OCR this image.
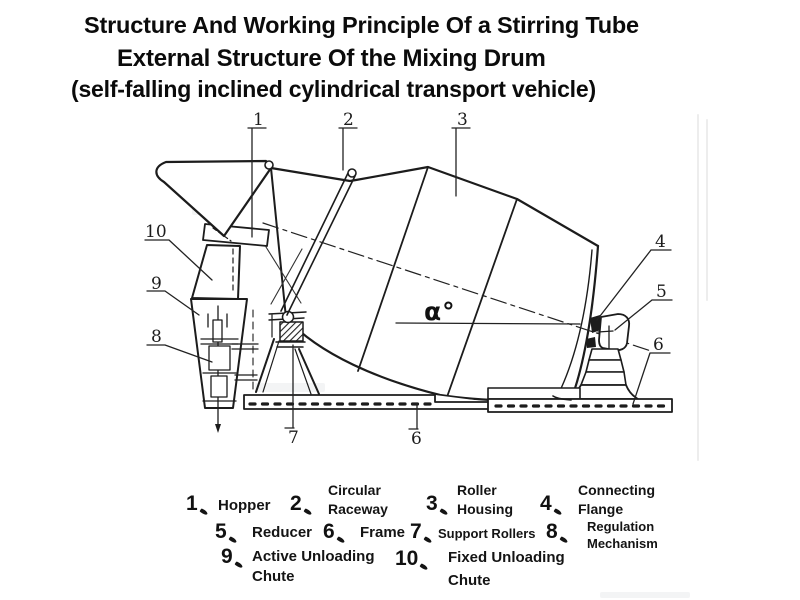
Structure And Working Principle Of a Stirring Tube
External Structure Of the Mixing Drum
(self-falling inclined cylindrical transport vehicle)
α°
1	2	3
4
5
6
6
7
9
8
10
1 Hopper 2
Circular
Raceway 3
Roller
Housing 4
Connecting
Flange
5 Reducer 6 Frame 7 Support Rollers 8 Regulation
Mechanism
9 Active Unloading
Chute
10 Fixed Unloading
Chute
